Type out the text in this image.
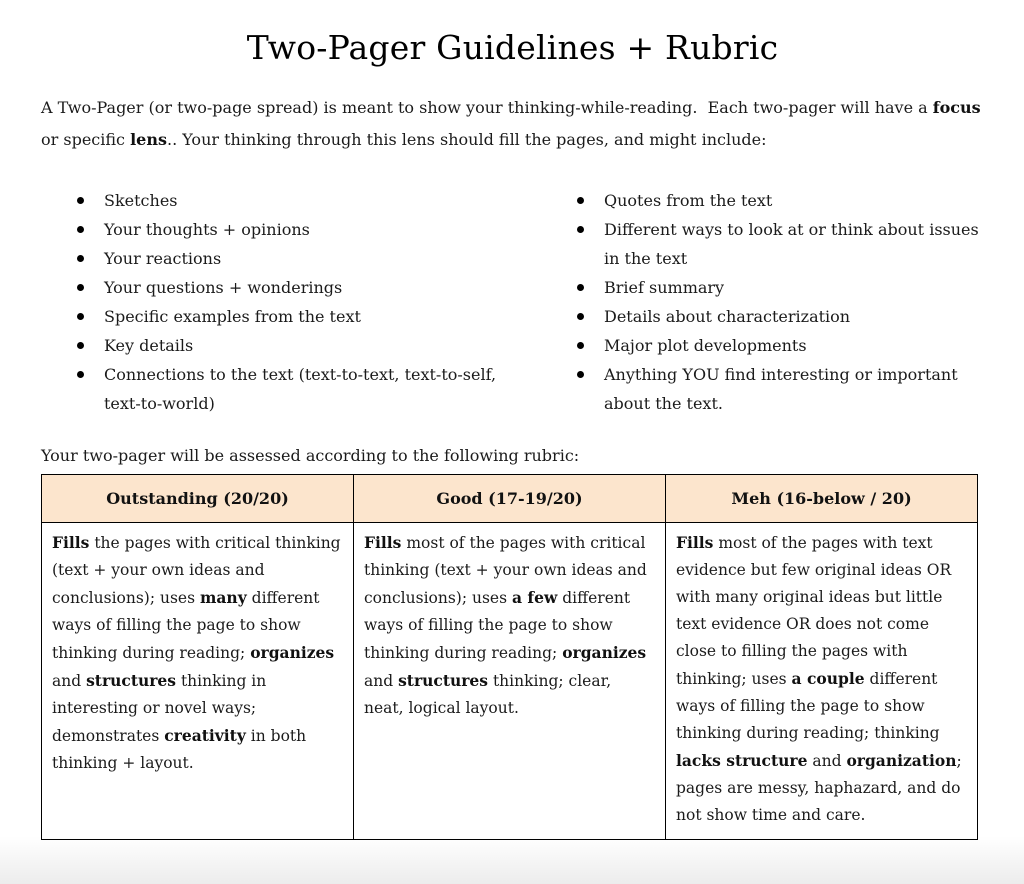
Two-Pager Guidelines + Rubric

A Two-Pager (or two-page spread) is meant to show your thinking-while-reading.  Each two-pager will have a focus or specific lens.. Your thinking through this lens should fill the pages, and might include:

Sketches
Your thoughts + opinions
Your reactions
Your questions + wonderings
Specific examples from the text
Key details
Connections to the text (text-to-text, text-to-self, text-to-world)
Quotes from the text
Different ways to look at or think about issues in the text
Brief summary
Details about characterization
Major plot developments
Anything YOU find interesting or important about the text.

Your two-pager will be assessed according to the following rubric:

Outstanding (20/20)	Good (17-19/20)	Meh (16-below / 20)
Fills the pages with critical thinking (text + your own ideas and conclusions); uses many different ways of filling the page to show thinking during reading; organizes and structures thinking in interesting or novel ways; demonstrates creativity in both thinking + layout.	Fills most of the pages with critical thinking (text + your own ideas and conclusions); uses a few different ways of filling the page to show thinking during reading; organizes and structures thinking; clear, neat, logical layout.	Fills most of the pages with text evidence but few original ideas OR with many original ideas but little text evidence OR does not come close to filling the pages with thinking; uses a couple different ways of filling the page to show thinking during reading; thinking lacks structure and organization; pages are messy, haphazard, and do not show time and care.
